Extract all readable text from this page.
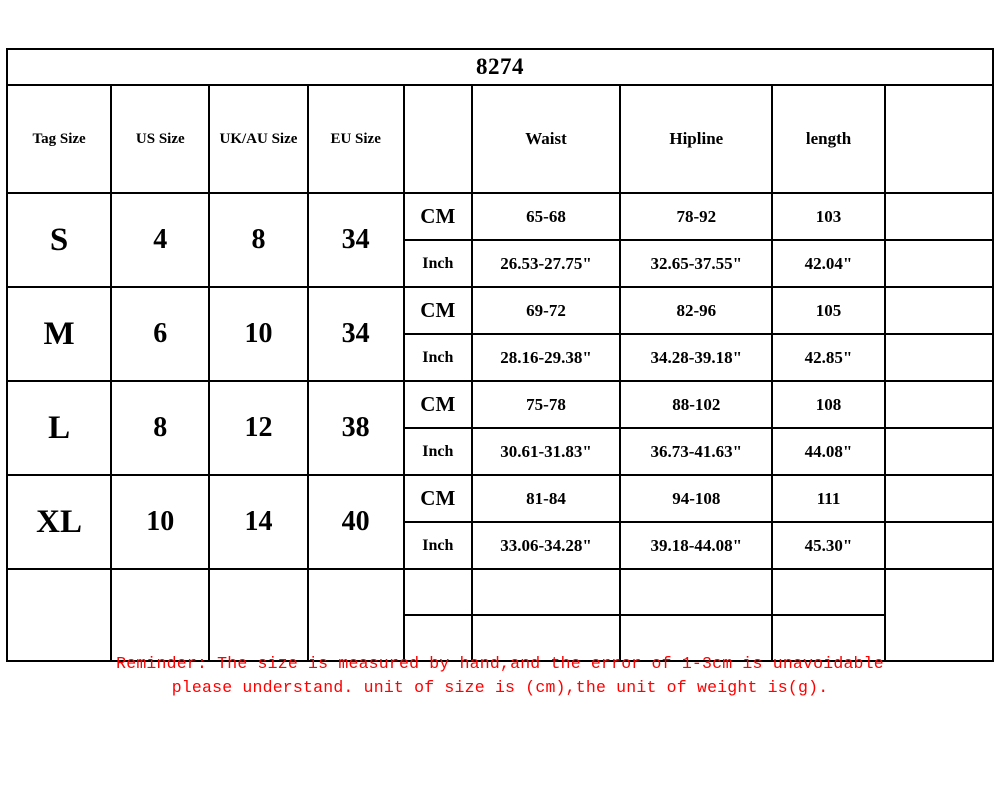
8274								
Tag Size	US Size	UK/AU Size	EU Size		Waist	Hipline	length	
S	4	8	34	CM	65-68	78-92	103	
				Inch	26.53-27.75"	32.65-37.55"	42.04"	
M	6	10	34	CM	69-72	82-96	105	
				Inch	28.16-29.38"	34.28-39.18"	42.85"	
L	8	12	38	CM	75-78	88-102	108	
				Inch	30.61-31.83"	36.73-41.63"	44.08"	
XL	10	14	40	CM	81-84	94-108	111	
				Inch	33.06-34.28"	39.18-44.08"	45.30"	

Reminder: The size is measured by hand,and the error of 1-3cm is unavoidable
please understand. unit of size is (cm),the unit of weight is(g).
